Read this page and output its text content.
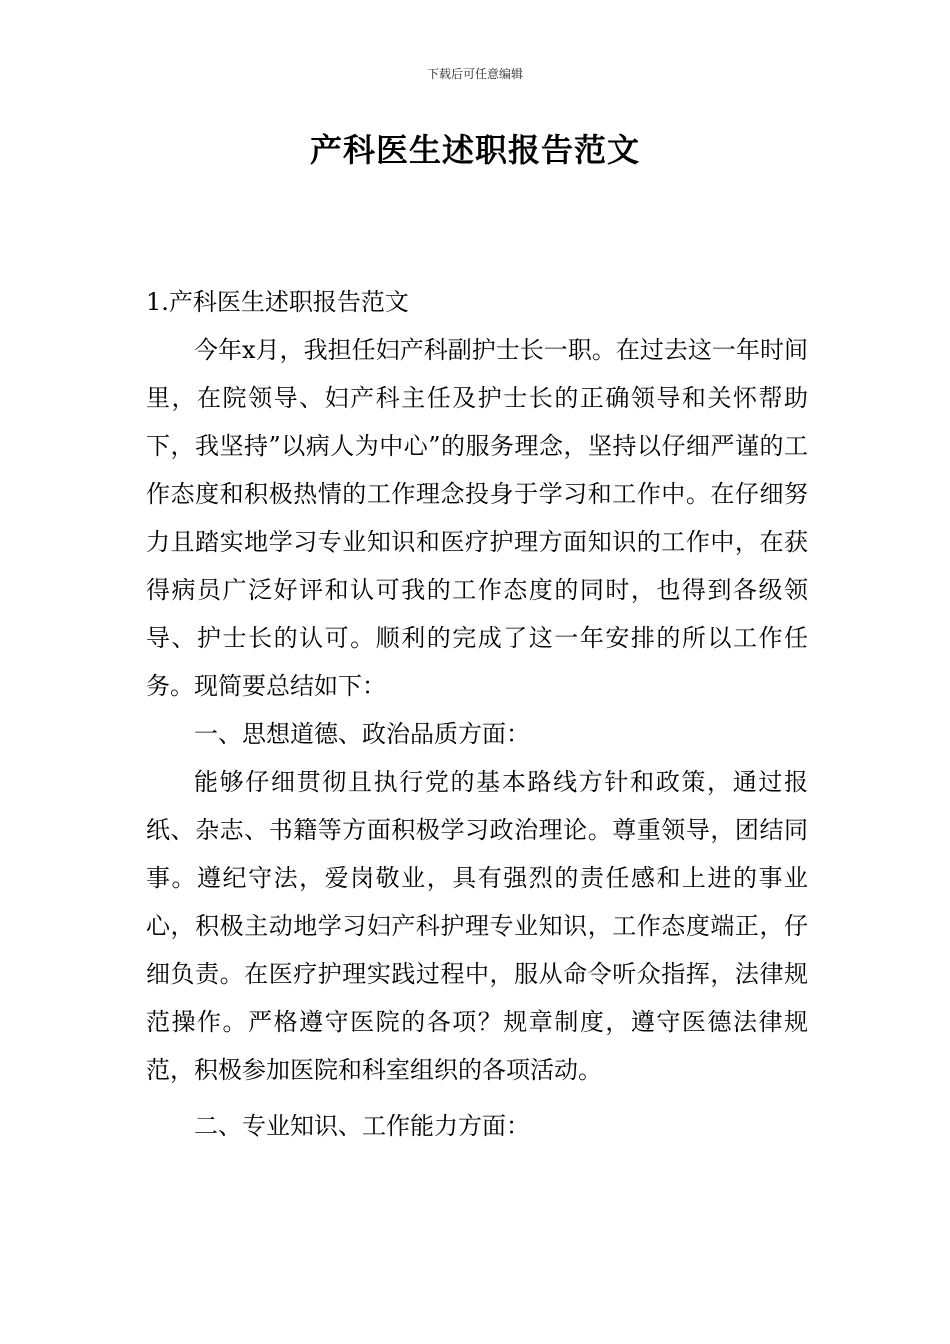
下载后可任意编辑
产科医生述职报告范文

1.产科医生述职报告范文

今年x月，我担任妇产科副护士长一职。在过去这一年时间里，在院领导、妇产科主任及护士长的正确领导和关怀帮助下，我坚持”以病人为中心”的服务理念，坚持以仔细严谨的工作态度和积极热情的工作理念投身于学习和工作中。在仔细努力且踏实地学习专业知识和医疗护理方面知识的工作中，在获得病员广泛好评和认可我的工作态度的同时，也得到各级领导、护士长的认可。顺利的完成了这一年安排的所以工作任务。现简要总结如下：

一、思想道德、政治品质方面：

能够仔细贯彻且执行党的基本路线方针和政策，通过报纸、杂志、书籍等方面积极学习政治理论。尊重领导，团结同事。遵纪守法，爱岗敬业，具有强烈的责任感和上进的事业心，积极主动地学习妇产科护理专业知识，工作态度端正，仔细负责。在医疗护理实践过程中，服从命令听众指挥，法律规范操作。严格遵守医院的各项？规章制度，遵守医德法律规范，积极参加医院和科室组织的各项活动。

二、专业知识、工作能力方面：
